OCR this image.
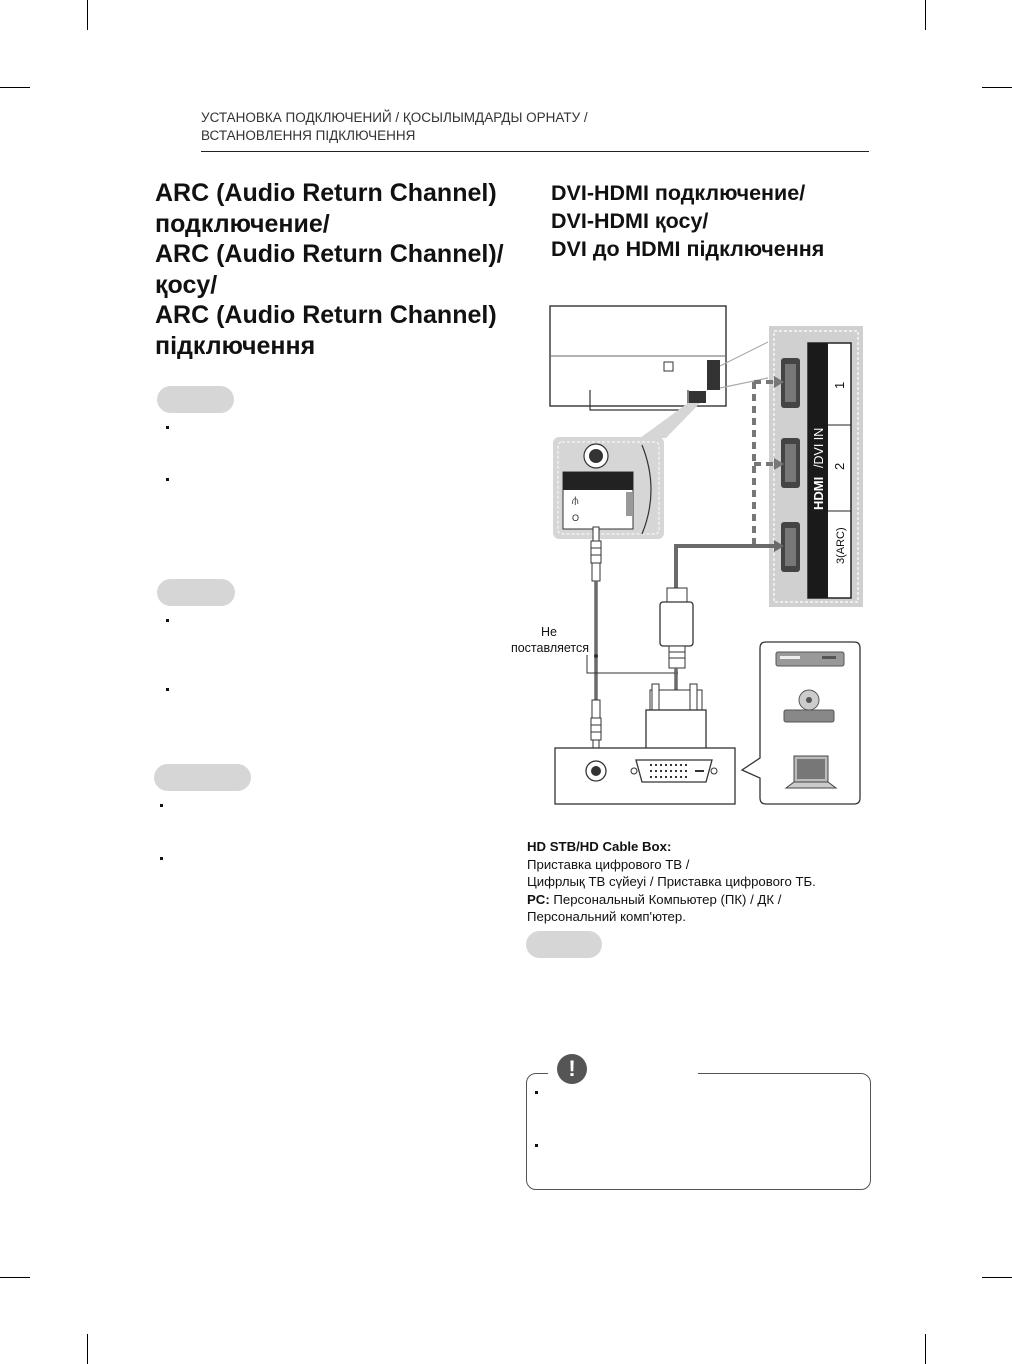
УСТАНОВКА ПОДКЛЮЧЕНИЙ / ҚОСЫЛЫМДАРДЫ ОРНАТУ /
ВСТАНОВЛЕННЯ ПІДКЛЮЧЕННЯ
ARC (Audio Return Channel)
подключение/
ARC (Audio Return Channel)/
қосу/
ARC (Audio Return Channel)
підключення
DVI-HDMI подключение/
DVI-HDMI қосу/
DVI до HDMI підключення
HDMI
/DVI IN
1
2
3(ARC)
⫛
O
Не
поставляется
HD STB/HD Cable Box:
Приставка цифрового ТВ /
Цифрлық ТВ сүйеуі / Приставка цифрового ТБ.
PC: Персональный Компьютер (ПК) / ДК /
Персональний комп'ютер.
!
